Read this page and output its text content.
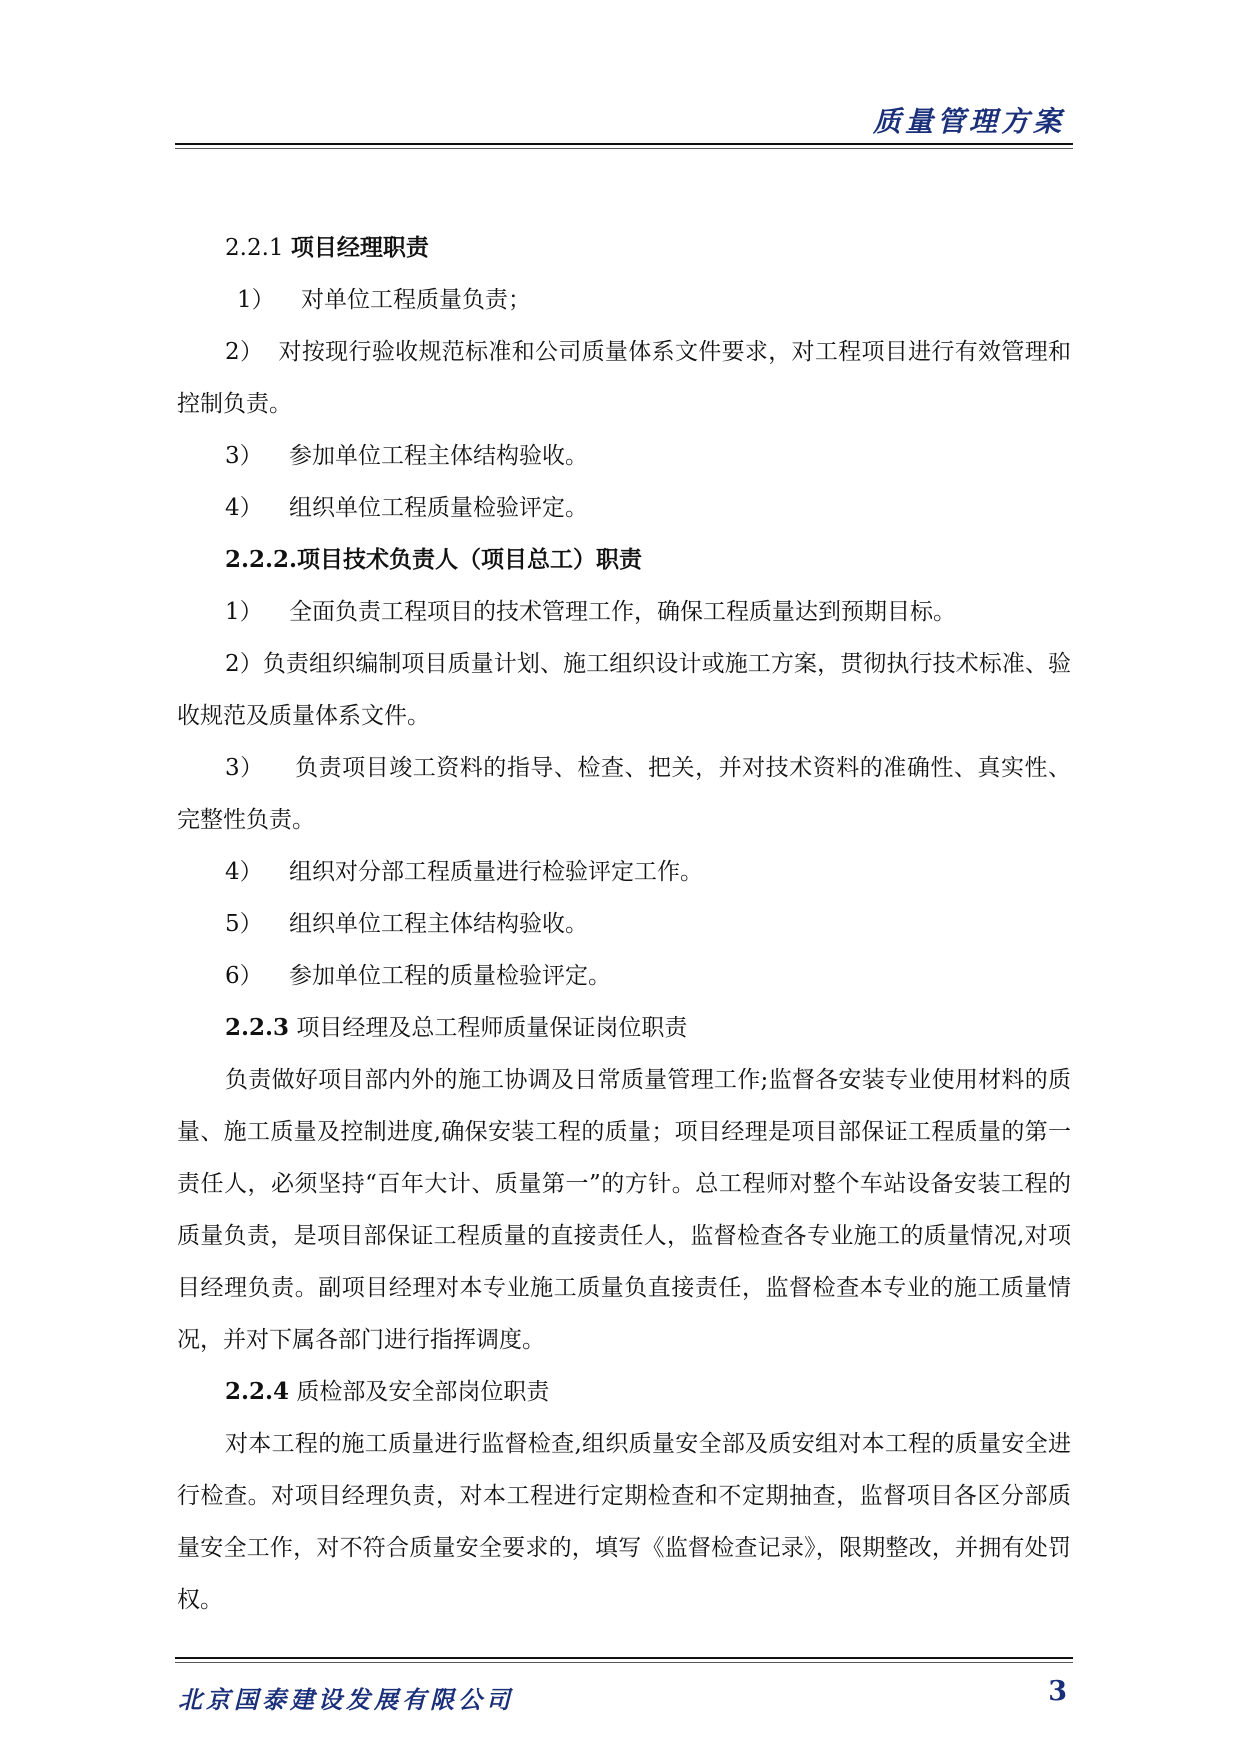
质量管理方案
2.2.1 项目经理职责
1） 对单位工程质量负责；
2） 对按现行验收规范标准和公司质量体系文件要求，对工程项目进行有效管理和控制负责。
3） 参加单位工程主体结构验收。
4） 组织单位工程质量检验评定。
2.2.2.项目技术负责人（项目总工）职责
1） 全面负责工程项目的技术管理工作，确保工程质量达到预期目标。
2）负责组织编制项目质量计划、施工组织设计或施工方案，贯彻执行技术标准、验收规范及质量体系文件。
3） 负责项目竣工资料的指导、检查、把关，并对技术资料的准确性、真实性、完整性负责。
4） 组织对分部工程质量进行检验评定工作。
5） 组织单位工程主体结构验收。
6） 参加单位工程的质量检验评定。
2.2.3 项目经理及总工程师质量保证岗位职责
负责做好项目部内外的施工协调及日常质量管理工作;监督各安装专业使用材料的质量、施工质量及控制进度,确保安装工程的质量；项目经理是项目部保证工程质量的第一责任人，必须坚持“百年大计、质量第一”的方针。总工程师对整个车站设备安装工程的质量负责，是项目部保证工程质量的直接责任人，监督检查各专业施工的质量情况,对项目经理负责。副项目经理对本专业施工质量负直接责任，监督检查本专业的施工质量情况，并对下属各部门进行指挥调度。
2.2.4 质检部及安全部岗位职责
对本工程的施工质量进行监督检查,组织质量安全部及质安组对本工程的质量安全进行检查。对项目经理负责，对本工程进行定期检查和不定期抽查，监督项目各区分部质量安全工作，对不符合质量安全要求的，填写《监督检查记录》，限期整改，并拥有处罚权。
北京国泰建设发展有限公司	3
